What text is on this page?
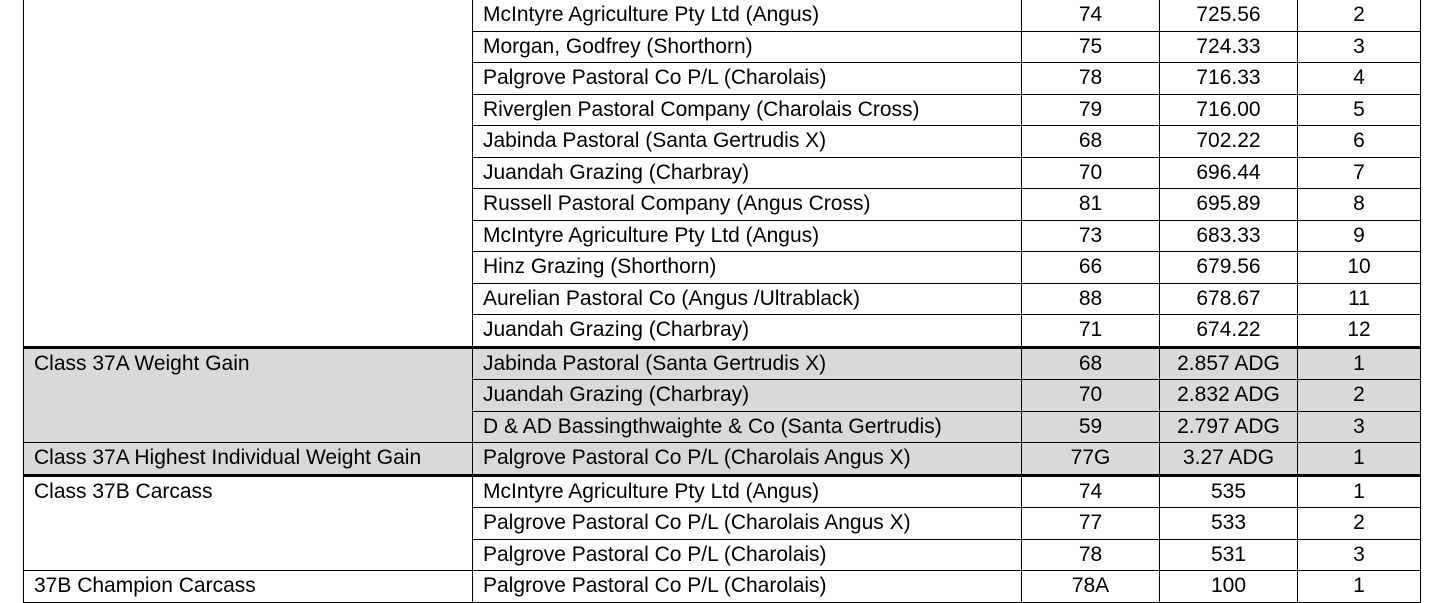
	McIntyre Agriculture Pty Ltd (Angus)	74	725.56	2
	Morgan, Godfrey (Shorthorn)	75	724.33	3
	Palgrove Pastoral Co P/L (Charolais)	78	716.33	4
	Riverglen Pastoral Company (Charolais Cross)	79	716.00	5
	Jabinda Pastoral (Santa Gertrudis X)	68	702.22	6
	Juandah Grazing (Charbray)	70	696.44	7
	Russell Pastoral Company (Angus Cross)	81	695.89	8
	McIntyre Agriculture Pty Ltd (Angus)	73	683.33	9
	Hinz Grazing (Shorthorn)	66	679.56	10
	Aurelian Pastoral Co (Angus /Ultrablack)	88	678.67	11
	Juandah Grazing (Charbray)	71	674.22	12
Class 37A Weight Gain	Jabinda Pastoral (Santa Gertrudis X)	68	2.857 ADG	1
	Juandah Grazing (Charbray)	70	2.832 ADG	2
	D & AD Bassingthwaighte & Co (Santa Gertrudis)	59	2.797 ADG	3
Class 37A Highest Individual Weight Gain	Palgrove Pastoral Co P/L (Charolais Angus X)	77G	3.27 ADG	1
Class 37B Carcass	McIntyre Agriculture Pty Ltd (Angus)	74	535	1
	Palgrove Pastoral Co P/L (Charolais Angus X)	77	533	2
	Palgrove Pastoral Co P/L (Charolais)	78	531	3
37B Champion Carcass	Palgrove Pastoral Co P/L (Charolais)	78A	100	1
